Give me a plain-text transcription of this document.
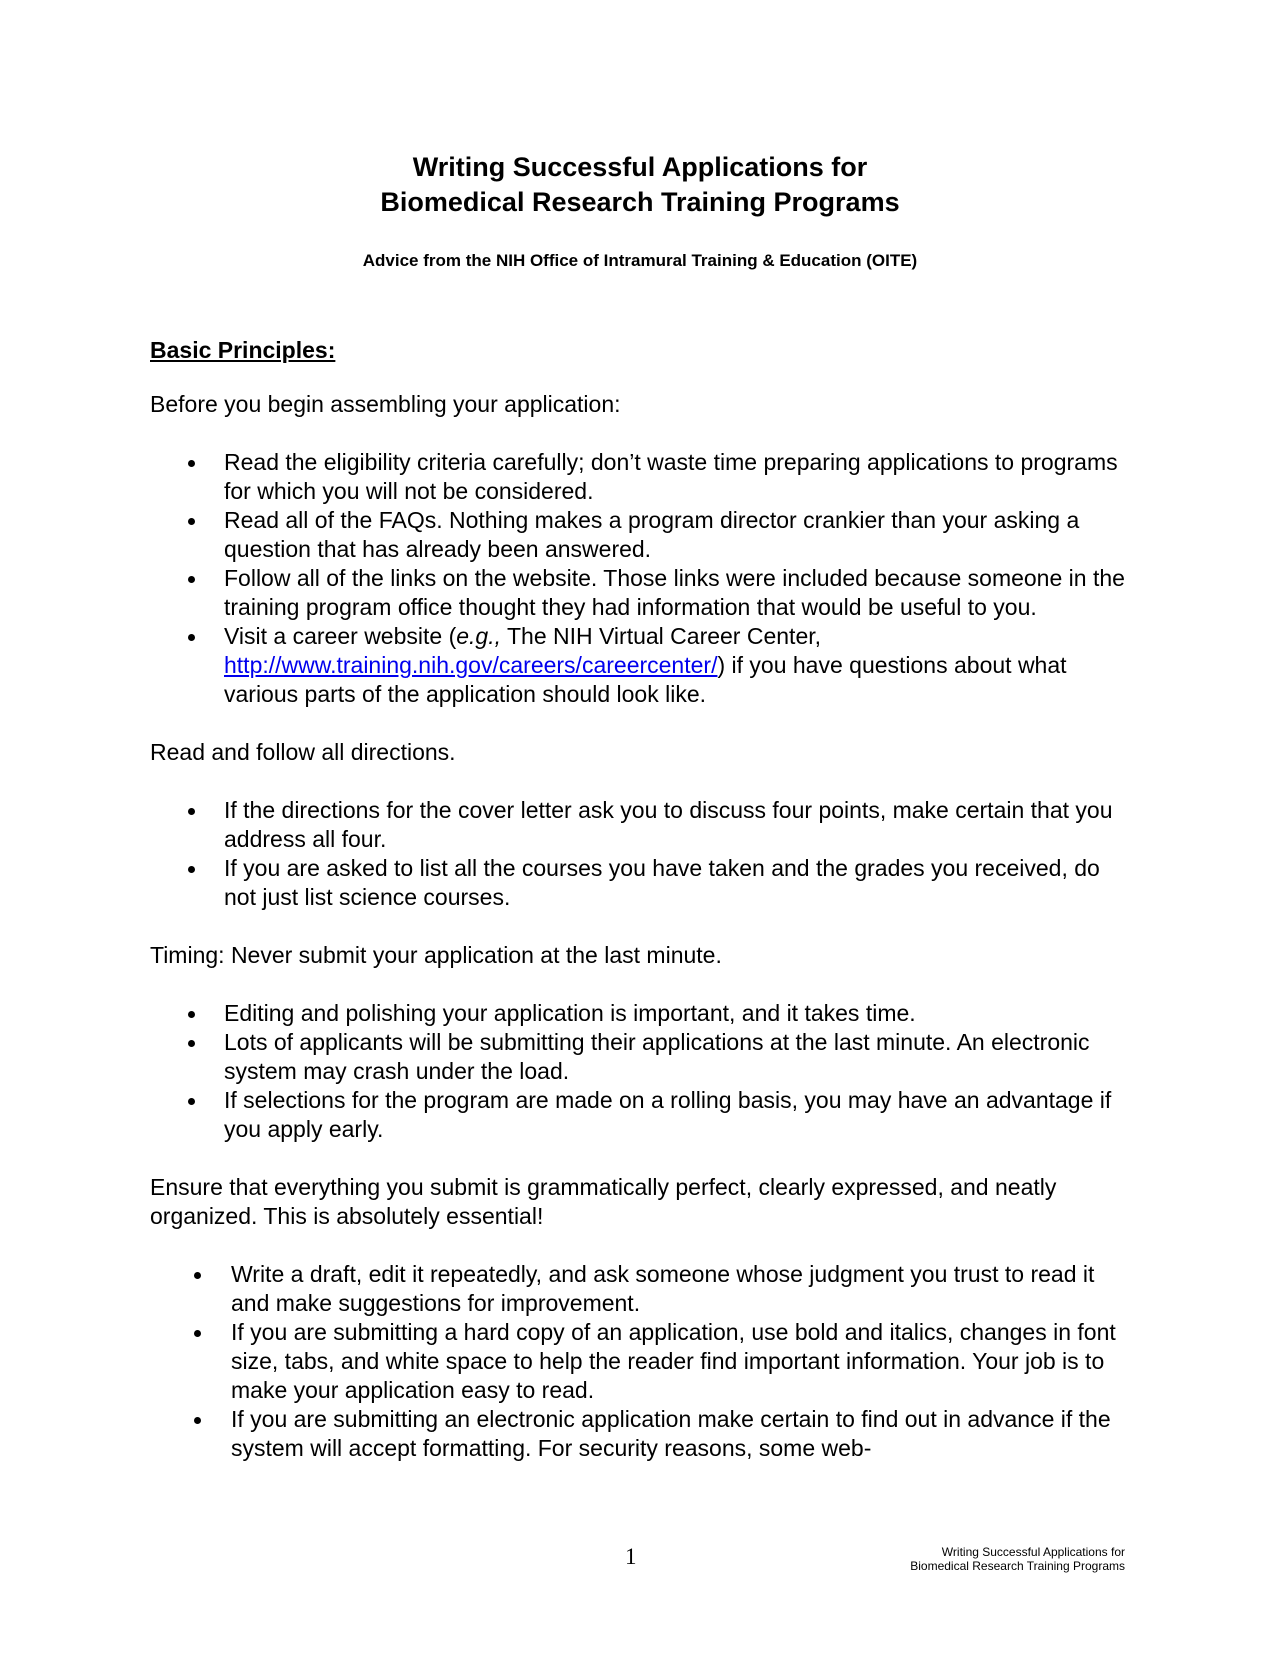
Writing Successful Applications for
Biomedical Research Training Programs
Advice from the NIH Office of Intramural Training & Education (OITE)
Basic Principles:

Before you begin assembling your application:

Read the eligibility criteria carefully; don’t waste time preparing applications to programs for which you will not be considered.
Read all of the FAQs. Nothing makes a program director crankier than your asking a question that has already been answered.
Follow all of the links on the website. Those links were included because someone in the training program office thought they had information that would be useful to you.
Visit a career website (e.g., The NIH Virtual Career Center, http://www.training.nih.gov/careers/careercenter/) if you have questions about what various parts of the application should look like.

Read and follow all directions.

If the directions for the cover letter ask you to discuss four points, make certain that you address all four.
If you are asked to list all the courses you have taken and the grades you received, do not just list science courses.

Timing: Never submit your application at the last minute.

Editing and polishing your application is important, and it takes time.
Lots of applicants will be submitting their applications at the last minute. An electronic system may crash under the load.
If selections for the program are made on a rolling basis, you may have an advantage if you apply early.

Ensure that everything you submit is grammatically perfect, clearly expressed, and neatly organized. This is absolutely essential!

Write a draft, edit it repeatedly, and ask someone whose judgment you trust to read it and make suggestions for improvement.
If you are submitting a hard copy of an application, use bold and italics, changes in font size, tabs, and white space to help the reader find important information. Your job is to make your application easy to read.
If you are submitting an electronic application make certain to find out in advance if the system will accept formatting. For security reasons, some web-
1	Writing Successful Applications for
Biomedical Research Training Programs
